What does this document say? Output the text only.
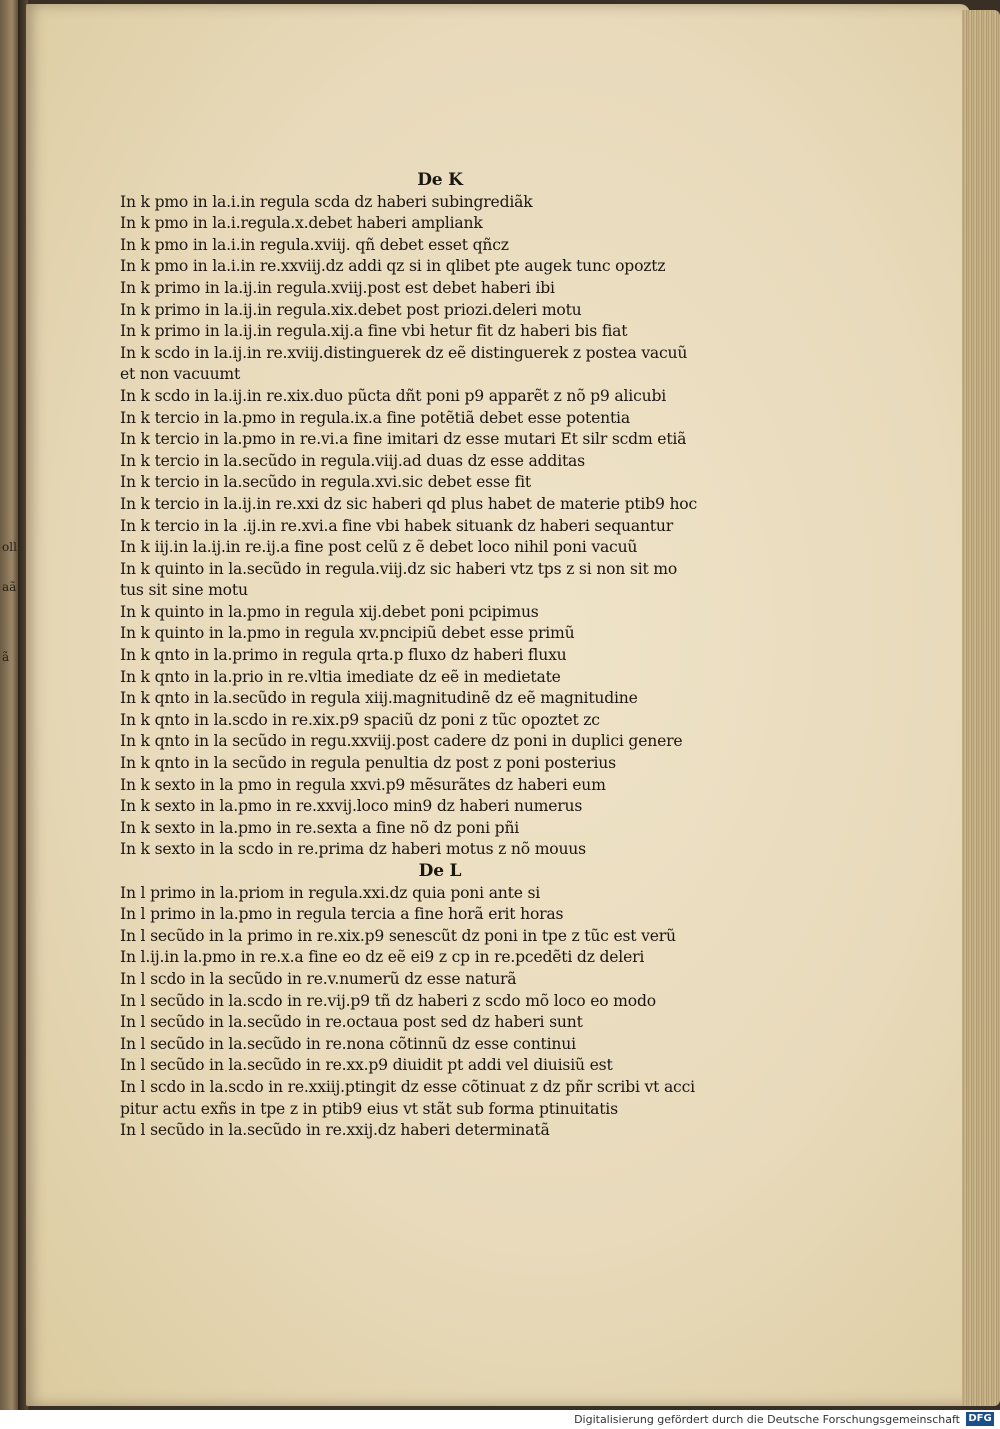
oll
aã
ã
De K
In k pmo in la.i.in regula scda dz haberi subingrediãk
In k pmo in la.i.regula.x.debet haberi ampliank
In k pmo in la.i.in regula.xviij. qñ debet esset qñcz
In k pmo in la.i.in re.xxviij.dz addi qz si in qlibet pte augek tunc opoztz
In k primo in la.ij.in regula.xviij.post est debet haberi ibi
In k primo in la.ij.in regula.xix.debet post priozi.deleri motu
In k primo in la.ij.in regula.xij.a fine vbi hetur fit dz haberi bis fiat
In k scdo in la.ij.in re.xviij.distinguerek dz eẽ distinguerek z postea vacuũ
et non vacuumt
In k scdo in la.ij.in re.xix.duo pũcta dñt poni p9 apparẽt z nõ p9 alicubi
In k tercio in la.pmo in regula.ix.a fine potẽtiã debet esse potentia
In k tercio in la.pmo in re.vi.a fine imitari dz esse mutari Et silr scdm etiã
In k tercio in la.secũdo in regula.viij.ad duas dz esse additas
In k tercio in la.secũdo in regula.xvi.sic debet esse fit
In k tercio in la.ij.in re.xxi dz sic haberi qd plus habet de materie ptib9 hoc
In k tercio in la .ij.in re.xvi.a fine vbi habek situank dz haberi sequantur
In k iij.in la.ij.in re.ij.a fine post celũ z ẽ debet loco nihil poni vacuũ
In k quinto in la.secũdo in regula.viij.dz sic haberi vtz tps z si non sit mo
tus sit sine motu
In k quinto in la.pmo in regula xij.debet poni pcipimus
In k quinto in la.pmo in regula xv.pncipiũ debet esse primũ
In k qnto in la.primo in regula qrta.p fluxo dz haberi fluxu
In k qnto in la.prio in re.vltia imediate dz eẽ in medietate
In k qnto in la.secũdo in regula xiij.magnitudinẽ dz eẽ magnitudine
In k qnto in la.scdo in re.xix.p9 spaciũ dz poni z tũc opoztet zc
In k qnto in la secũdo in regu.xxviij.post cadere dz poni in duplici genere
In k qnto in la secũdo in regula penultia dz post z poni posterius
In k sexto in la pmo in regula xxvi.p9 mẽsurãtes dz haberi eum
In k sexto in la.pmo in re.xxvij.loco min9 dz haberi numerus
In k sexto in la.pmo in re.sexta a fine nõ dz poni pñi
In k sexto in la scdo in re.prima dz haberi motus z nõ mouus
De L
In l primo in la.priom in regula.xxi.dz quia poni ante si
In l primo in la.pmo in regula tercia a fine horã erit horas
In l secũdo in la primo in re.xix.p9 senescũt dz poni in tpe z tũc est verũ
In l.ij.in la.pmo in re.x.a fine eo dz eẽ ei9 z cp in re.pcedẽti dz deleri
In l scdo in la secũdo in re.v.numerũ dz esse naturã
In l secũdo in la.scdo in re.vij.p9 tñ dz haberi z scdo mõ loco eo modo
In l secũdo in la.secũdo in re.octaua post sed dz haberi sunt
In l secũdo in la.secũdo in re.nona cõtinnũ dz esse continui
In l secũdo in la.secũdo in re.xx.p9 diuidit pt addi vel diuisiũ est
In l scdo in la.scdo in re.xxiij.ptingit dz esse cõtinuat z dz pñr scribi vt acci
pitur actu exñs in tpe z in ptib9 eius vt stãt sub forma ptinuitatis
In l secũdo in la.secũdo in re.xxij.dz haberi determinatã
Digitalisierung gefördert durch die Deutsche Forschungsgemeinschaft DFG
